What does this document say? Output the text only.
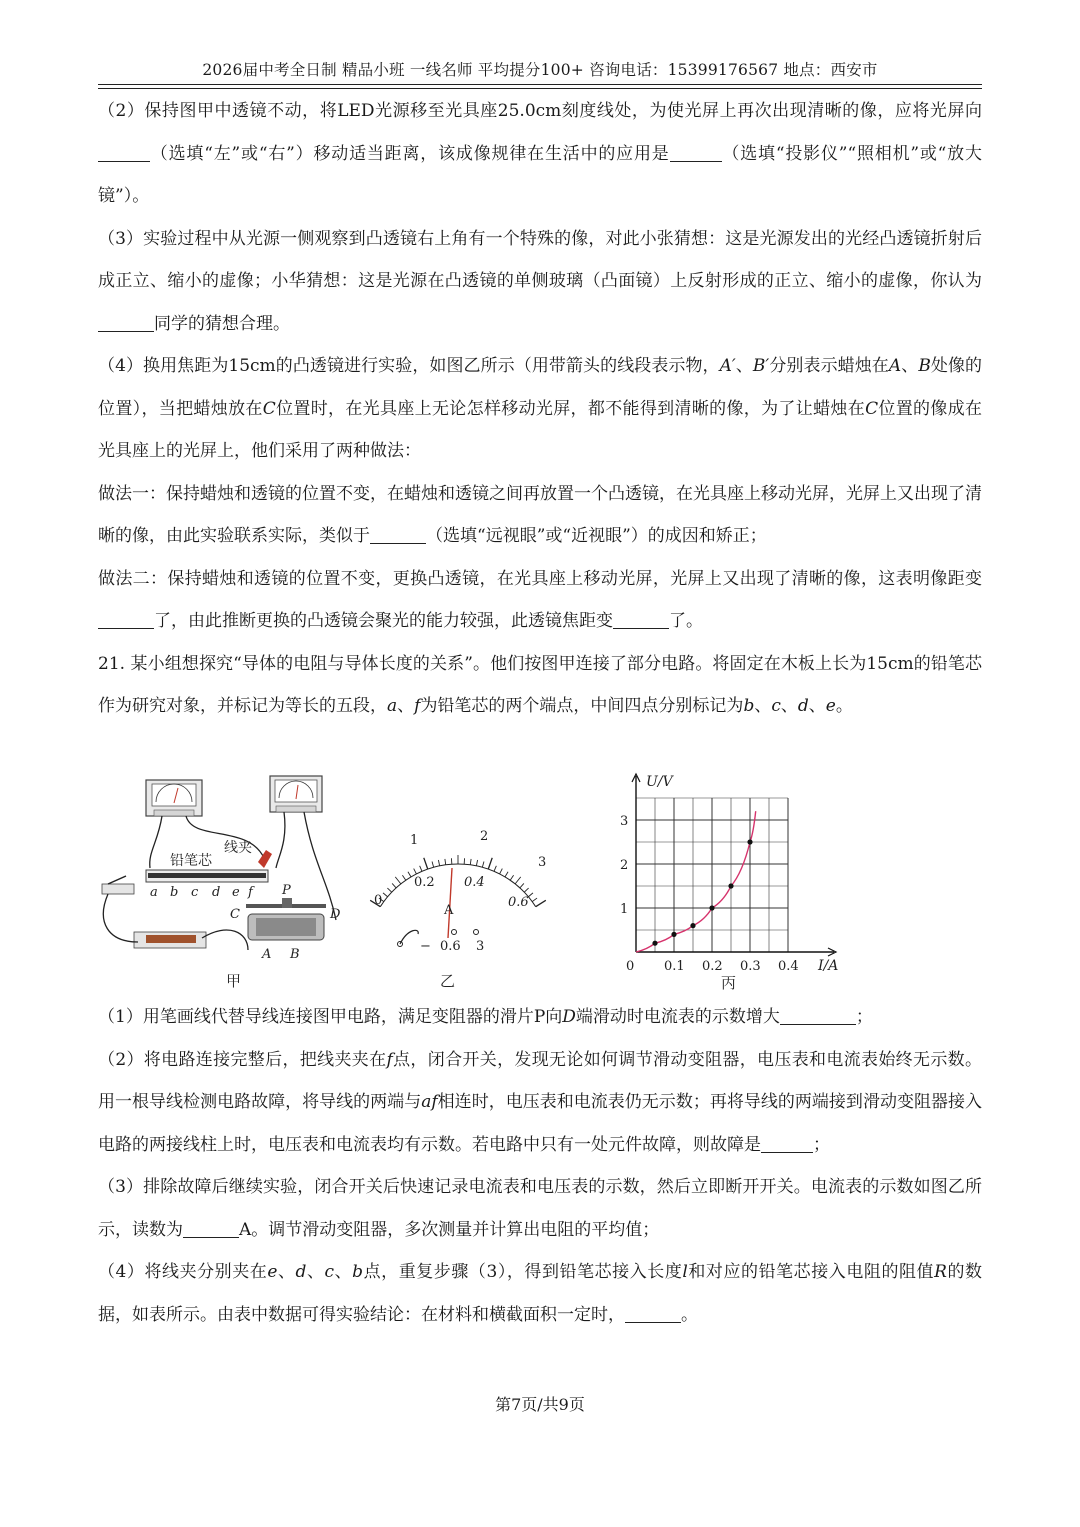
2026届中考全日制 精品小班 一线名师 平均提分100+ 咨询电话：15399176567 地点：西安市

（2）保持图甲中透镜不动，将LED光源移至光具座25.0cm刻度线处，为使光屏上再次出现清晰的像，应将光屏向（选填“左”或“右”）移动适当距离，该成像规律在生活中的应用是	（选填“投影仪”“照相机”或“放大镜”）。

（3）实验过程中从光源一侧观察到凸透镜右上角有一个特殊的像，对此小张猜想：这是光源发出的光经凸透镜折射后成正立、缩小的虚像；小华猜想：这是光源在凸透镜的单侧玻璃（凸面镜）上反射形成的正立、缩小的虚像，你认为同学的猜想合理。

（4）换用焦距为15cm的凸透镜进行实验，如图乙所示（用带箭头的线段表示物，A′、B′分别表示蜡烛在A、B处像的位置），当把蜡烛放在C位置时，在光具座上无论怎样移动光屏，都不能得到清晰的像，为了让蜡烛在C位置的像成在光具座上的光屏上，他们采用了两种做法：

做法一：保持蜡烛和透镜的位置不变，在蜡烛和透镜之间再放置一个凸透镜，在光具座上移动光屏，光屏上又出现了清晰的像，由此实验联系实际，类似于	（选填“远视眼”或“近视眼”）的成因和矫正；

做法二：保持蜡烛和透镜的位置不变，更换凸透镜，在光具座上移动光屏，光屏上又出现了清晰的像，这表明像距变了，由此推断更换的凸透镜会聚光的能力较强，此透镜焦距变	了。

21. 某小组想探究“导体的电阻与导体长度的关系”。他们按图甲连接了部分电路。将固定在木板上长为15cm的铅笔芯作为研究对象，并标记为等长的五段，a、f为铅笔芯的两个端点，中间四点分别标记为b、c、d、e。

铅笔芯
线夹
a b c d e f P
C	D
A B
甲
1	2
3
0
0.2 0.4
0.6
A
− 0.6 3
乙
1
2
3
0 0.1 0.2 0.3 0.4
U/V
I/A
丙

（1）用笔画线代替导线连接图甲电路，满足变阻器的滑片P向D端滑动时电流表的示数增大	；

（2）将电路连接完整后，把线夹夹在f点，闭合开关，发现无论如何调节滑动变阻器，电压表和电流表始终无示数。用一根导线检测电路故障，将导线的两端与af相连时，电压表和电流表仍无示数；再将导线的两端接到滑动变阻器接入电路的两接线柱上时，电压表和电流表均有示数。若电路中只有一处元件故障，则故障是	；

（3）排除故障后继续实验，闭合开关后快速记录电流表和电压表的示数，然后立即断开开关。电流表的示数如图乙所示，读数为	A。调节滑动变阻器，多次测量并计算出电阻的平均值；

（4）将线夹分别夹在e、d、c、b点，重复步骤（3），得到铅笔芯接入长度l和对应的铅笔芯接入电阻的阻值R的数据，如表所示。由表中数据可得实验结论：在材料和横截面积一定时，	。

第7页/共9页
